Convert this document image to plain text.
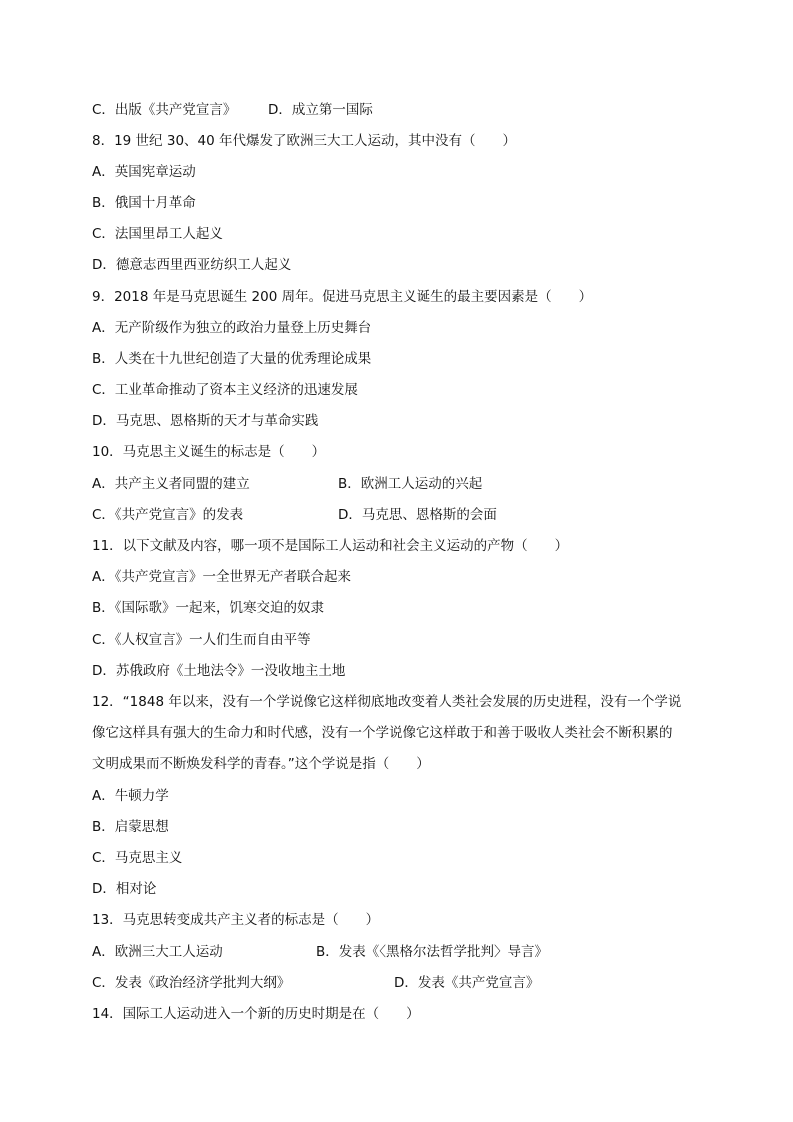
C．出版《共产党宣言》 D．成立第一国际
8．19 世纪 30、40 年代爆发了欧洲三大工人运动，其中没有（　　）
A．英国宪章运动
B．俄国十月革命
C．法国里昂工人起义
D．德意志西里西亚纺织工人起义
9．2018 年是马克思诞生 200 周年。促进马克思主义诞生的最主要因素是（　　）
A．无产阶级作为独立的政治力量登上历史舞台
B．人类在十九世纪创造了大量的优秀理论成果
C．工业革命推动了资本主义经济的迅速发展
D．马克思、恩格斯的天才与革命实践
10．马克思主义诞生的标志是（　　）
A．共产主义者同盟的建立	B．欧洲工人运动的兴起
C．《共产党宣言》的发表	D．马克思、恩格斯的会面
11．以下文献及内容，哪一项不是国际工人运动和社会主义运动的产物（　　）
A．《共产党宣言》一全世界无产者联合起来
B．《国际歌》一起来，饥寒交迫的奴隶
C．《人权宣言》一人们生而自由平等
D．苏俄政府《土地法令》一没收地主土地
12．“1848 年以来，没有一个学说像它这样彻底地改变着人类社会发展的历史进程，没有一个学说
像它这样具有强大的生命力和时代感，没有一个学说像它这样敢于和善于吸收人类社会不断积累的
文明成果而不断焕发科学的青春。”这个学说是指（　　）
A．牛顿力学
B．启蒙思想
C．马克思主义
D．相对论
13．马克思转变成共产主义者的标志是（　　）
A．欧洲三大工人运动	B．发表《〈黑格尔法哲学批判〉导言》
C．发表《政治经济学批判大纲》	D．发表《共产党宣言》
14．国际工人运动进入一个新的历史时期是在（　　）
